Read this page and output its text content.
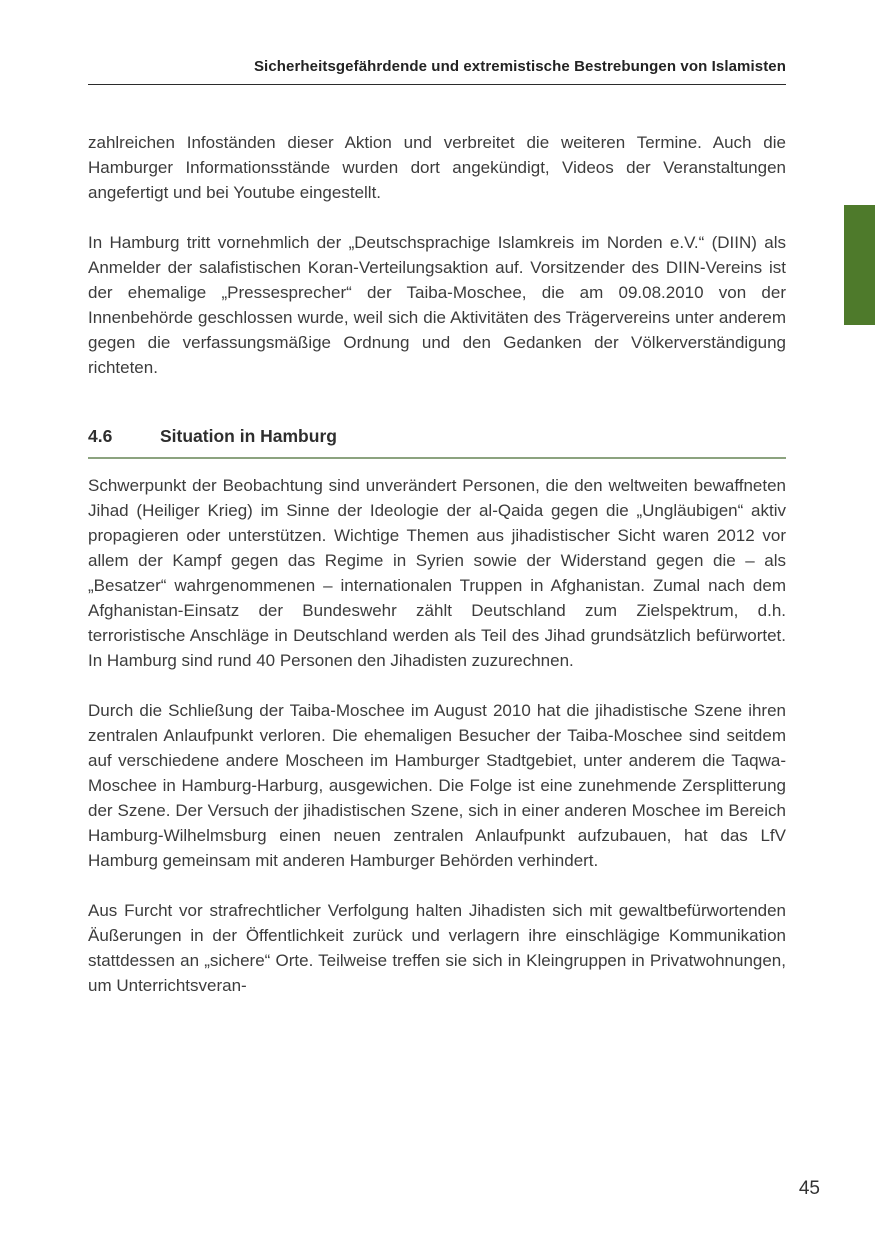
Sicherheitsgefährdende und extremistische Bestrebungen von Islamisten

zahlreichen Infoständen dieser Aktion und verbreitet die weiteren Termine. Auch die Hamburger Informationsstände wurden dort angekündigt, Videos der Veranstaltungen angefertigt und bei Youtube eingestellt.

In Hamburg tritt vornehmlich der „Deutschsprachige Islamkreis im Norden e.V.“ (DIIN) als Anmelder der salafistischen Koran-Verteilungsaktion auf. Vorsitzender des DIIN-Vereins ist der ehemalige „Pressesprecher“ der Taiba-Moschee, die am 09.08.2010 von der Innenbehörde geschlossen wurde, weil sich die Aktivitäten des Trägervereins unter anderem gegen die verfassungsmäßige Ordnung und den Gedanken der Völkerverständigung richteten.

4.6	Situation in Hamburg

Schwerpunkt der Beobachtung sind unverändert Personen, die den weltweiten bewaffneten Jihad (Heiliger Krieg) im Sinne der Ideologie der al-Qaida gegen die „Ungläubigen“ aktiv propagieren oder unterstützen. Wichtige Themen aus jihadistischer Sicht waren 2012 vor allem der Kampf gegen das Regime in Syrien sowie der Widerstand gegen die – als „Besatzer“ wahrgenommenen – internationalen Truppen in Afghanistan. Zumal nach dem Afghanistan-Einsatz der Bundeswehr zählt Deutschland zum Zielspektrum, d.h. terroristische Anschläge in Deutschland werden als Teil des Jihad grundsätzlich befürwortet. In Hamburg sind rund 40 Personen den Jihadisten zuzurechnen.

Durch die Schließung der Taiba-Moschee im August 2010 hat die jihadistische Szene ihren zentralen Anlaufpunkt verloren. Die ehemaligen Besucher der Taiba-Moschee sind seitdem auf verschiedene andere Moscheen im Hamburger Stadtgebiet, unter anderem die Taqwa-Moschee in Hamburg-Harburg, ausgewichen. Die Folge ist eine zunehmende Zersplitterung der Szene. Der Versuch der jihadistischen Szene, sich in einer anderen Moschee im Bereich Hamburg-Wilhelmsburg einen neuen zentralen Anlaufpunkt aufzubauen, hat das LfV Hamburg gemeinsam mit anderen Hamburger Behörden verhindert.

Aus Furcht vor strafrechtlicher Verfolgung halten Jihadisten sich mit gewaltbefürwortenden Äußerungen in der Öffentlichkeit zurück und verlagern ihre einschlägige Kommunikation stattdessen an „sichere“ Orte. Teilweise treffen sie sich in Kleingruppen in Privatwohnungen, um Unterrichtsveran-

45
